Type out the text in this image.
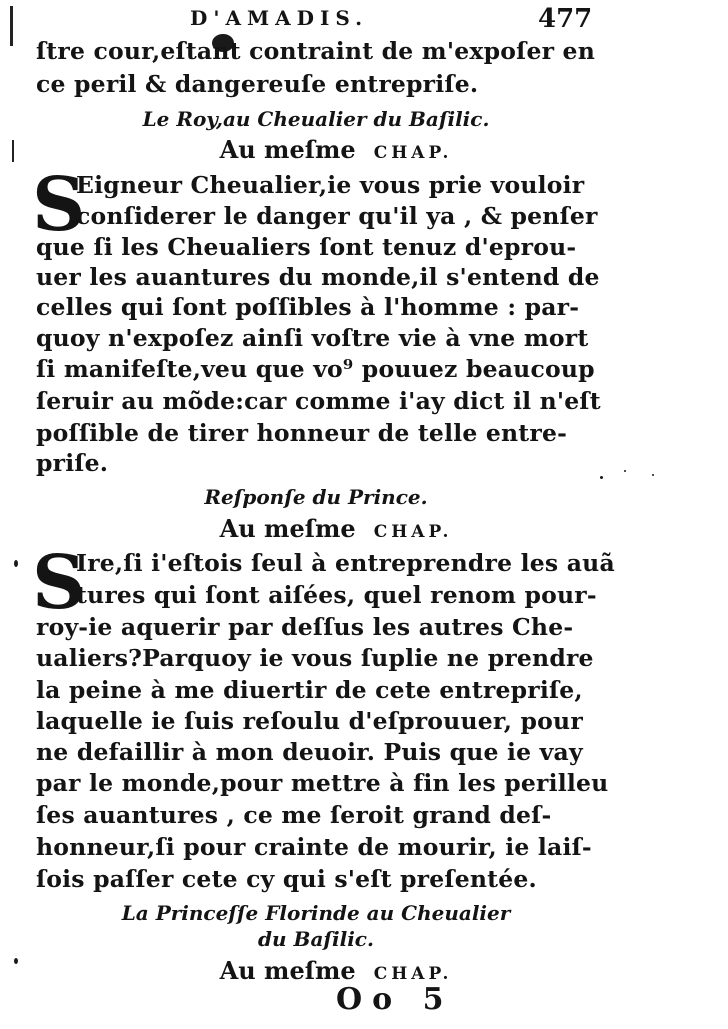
D'AMADIS.	477
ſtre cour,eſtant contraint de m'expoſer en
ce peril & dangereuſe entrepriſe.
Le Roy,au Cheualier du Baſilic.
Au meſme CHAP.
S
Eigneur Cheualier,ie vous prie vouloir
conſiderer le danger qu'il ya , & penſer
que ſi les Cheualiers ſont tenuz d'eprou-
uer les auantures du monde,il s'entend de
celles qui ſont poſſibles à l'homme : par-
quoy n'expoſez ainſi voſtre vie à vne mort
ſi manifeſte,veu que vo⁹ pouuez beaucoup
ſeruir au mõde:car comme i'ay dict il n'eſt
poſſible de tirer honneur de telle entre-
priſe.
Reſponſe du Prince.
Au meſme CHAP.
S
Ire,ſi i'eſtois ſeul à entreprendre les auã
tures qui ſont aiſées, quel renom pour-
roy-ie aquerir par deſſus les autres Che-
ualiers?Parquoy ie vous ſuplie ne prendre
la peine à me diuertir de cete entrepriſe,
laquelle ie ſuis reſoulu d'eſprouuer, pour
ne defaillir à mon deuoir. Puis que ie vay
par le monde,pour mettre à fin les perilleu
ſes auantures , ce me ſeroit grand deſ-
honneur,ſi pour crainte de mourir, ie laiſ-
ſois paſſer cete cy qui s'eſt preſentée.
La Princeſſe Florinde au Cheualier
du Baſilic.
Au meſme CHAP.
Oo 5
